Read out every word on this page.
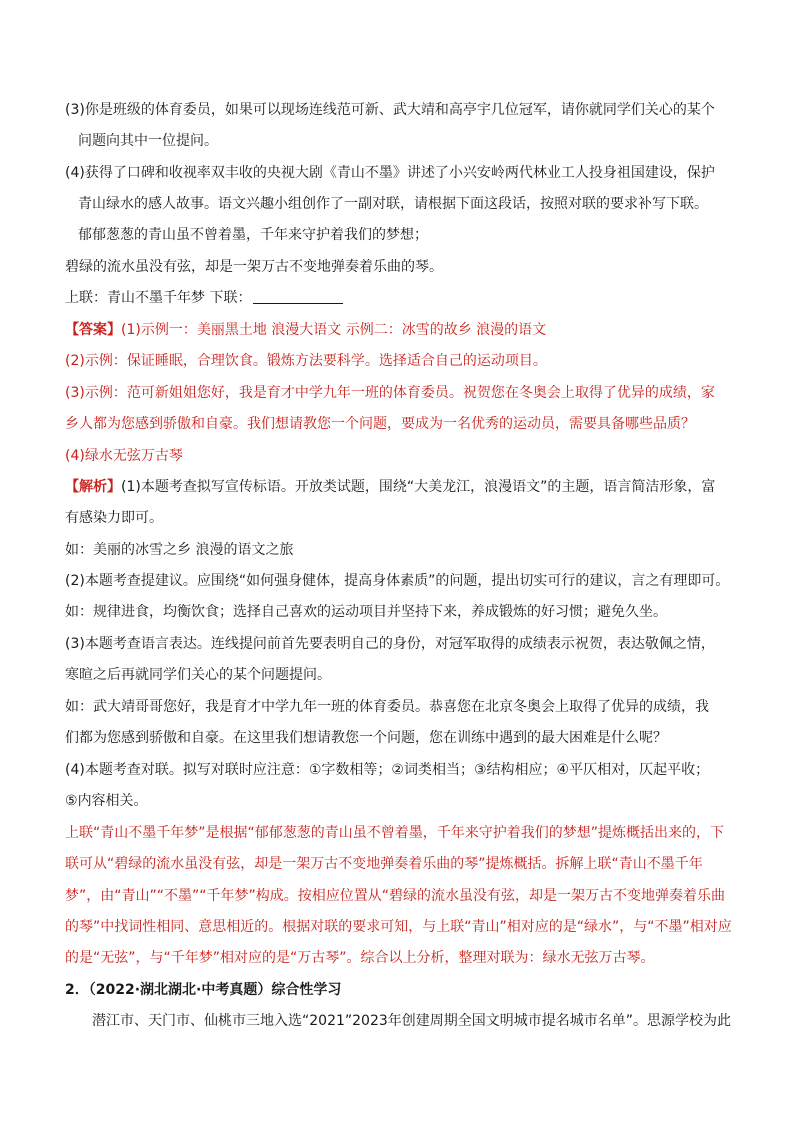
(3)你是班级的体育委员，如果可以现场连线范可新、武大靖和高亭宇几位冠军，请你就同学们关心的某个
问题向其中一位提问。
(4)获得了口碑和收视率双丰收的央视大剧《青山不墨》讲述了小兴安岭两代林业工人投身祖国建设，保护
青山绿水的感人故事。语文兴趣小组创作了一副对联，请根据下面这段话，按照对联的要求补写下联。
郁郁葱葱的青山虽不曾着墨，千年来守护着我们的梦想；
碧绿的流水虽没有弦，却是一架万古不变地弹奏着乐曲的琴。
上联：青山不墨千年梦 下联：
【答案】(1)示例一：美丽黑土地 浪漫大语文 示例二：冰雪的故乡 浪漫的语文
(2)示例：保证睡眠，合理饮食。锻炼方法要科学。选择适合自己的运动项目。
(3)示例：范可新姐姐您好，我是育才中学九年一班的体育委员。祝贺您在冬奥会上取得了优异的成绩，家
乡人都为您感到骄傲和自豪。我们想请教您一个问题，要成为一名优秀的运动员，需要具备哪些品质？
(4)绿水无弦万古琴
【解析】(1)本题考查拟写宣传标语。开放类试题，围绕“大美龙江，浪漫语文”的主题，语言简洁形象，富
有感染力即可。
如：美丽的冰雪之乡 浪漫的语文之旅
(2)本题考查提建议。应围绕“如何强身健体，提高身体素质”的问题，提出切实可行的建议，言之有理即可。
如：规律进食，均衡饮食；选择自己喜欢的运动项目并坚持下来，养成锻炼的好习惯；避免久坐。
(3)本题考查语言表达。连线提问前首先要表明自己的身份，对冠军取得的成绩表示祝贺，表达敬佩之情，
寒暄之后再就同学们关心的某个问题提问。
如：武大靖哥哥您好，我是育才中学九年一班的体育委员。恭喜您在北京冬奥会上取得了优异的成绩，我
们都为您感到骄傲和自豪。在这里我们想请教您一个问题，您在训练中遇到的最大困难是什么呢？
(4)本题考查对联。拟写对联时应注意：①字数相等；②词类相当；③结构相应；④平仄相对，仄起平收；
⑤内容相关。
上联“青山不墨千年梦”是根据“郁郁葱葱的青山虽不曾着墨，千年来守护着我们的梦想”提炼概括出来的，下
联可从“碧绿的流水虽没有弦，却是一架万古不变地弹奏着乐曲的琴”提炼概括。拆解上联“青山不墨千年
梦”，由“青山”“不墨”“千年梦”构成。按相应位置从“碧绿的流水虽没有弦，却是一架万古不变地弹奏着乐曲
的琴”中找词性相同、意思相近的。根据对联的要求可知，与上联“青山”相对应的是“绿水”，与“不墨”相对应
的是“无弦”，与“千年梦”相对应的是“万古琴”。综合以上分析，整理对联为：绿水无弦万古琴。
2．（2022·湖北湖北·中考真题）综合性学习
潜江市、天门市、仙桃市三地入选“2021”2023年创建周期全国文明城市提名城市名单”。思源学校为此
